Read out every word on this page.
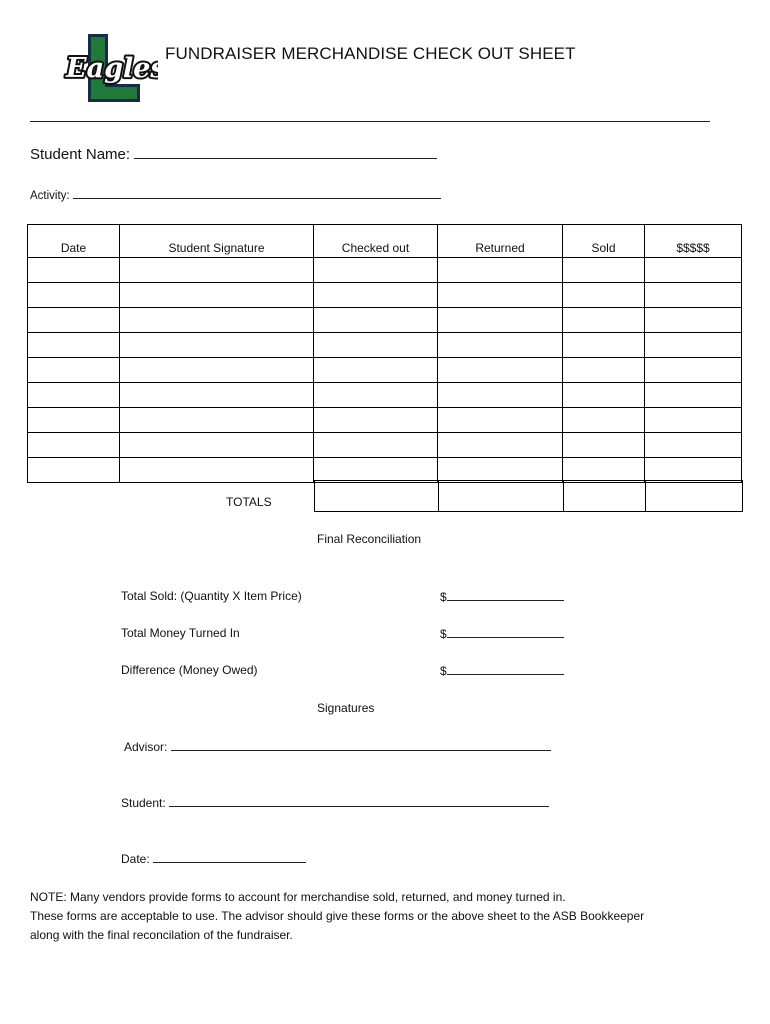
Eagles FUNDRAISER MERCHANDISE CHECK OUT SHEET
Student Name:
Activity:
Date	Student Signature	Checked out	Returned	Sold	$$$$$

TOTALS

Final Reconciliation
Total Sold: (Quantity X Item Price)	$
Total Money Turned In	$
Difference (Money Owed)	$
Signatures
Advisor:
Student:
Date:
NOTE: Many vendors provide forms to account for merchandise sold, returned, and money turned in.
These forms are acceptable to use. The advisor should give these forms or the above sheet to the ASB Bookkeeper
along with the final reconcilation of the fundraiser.
